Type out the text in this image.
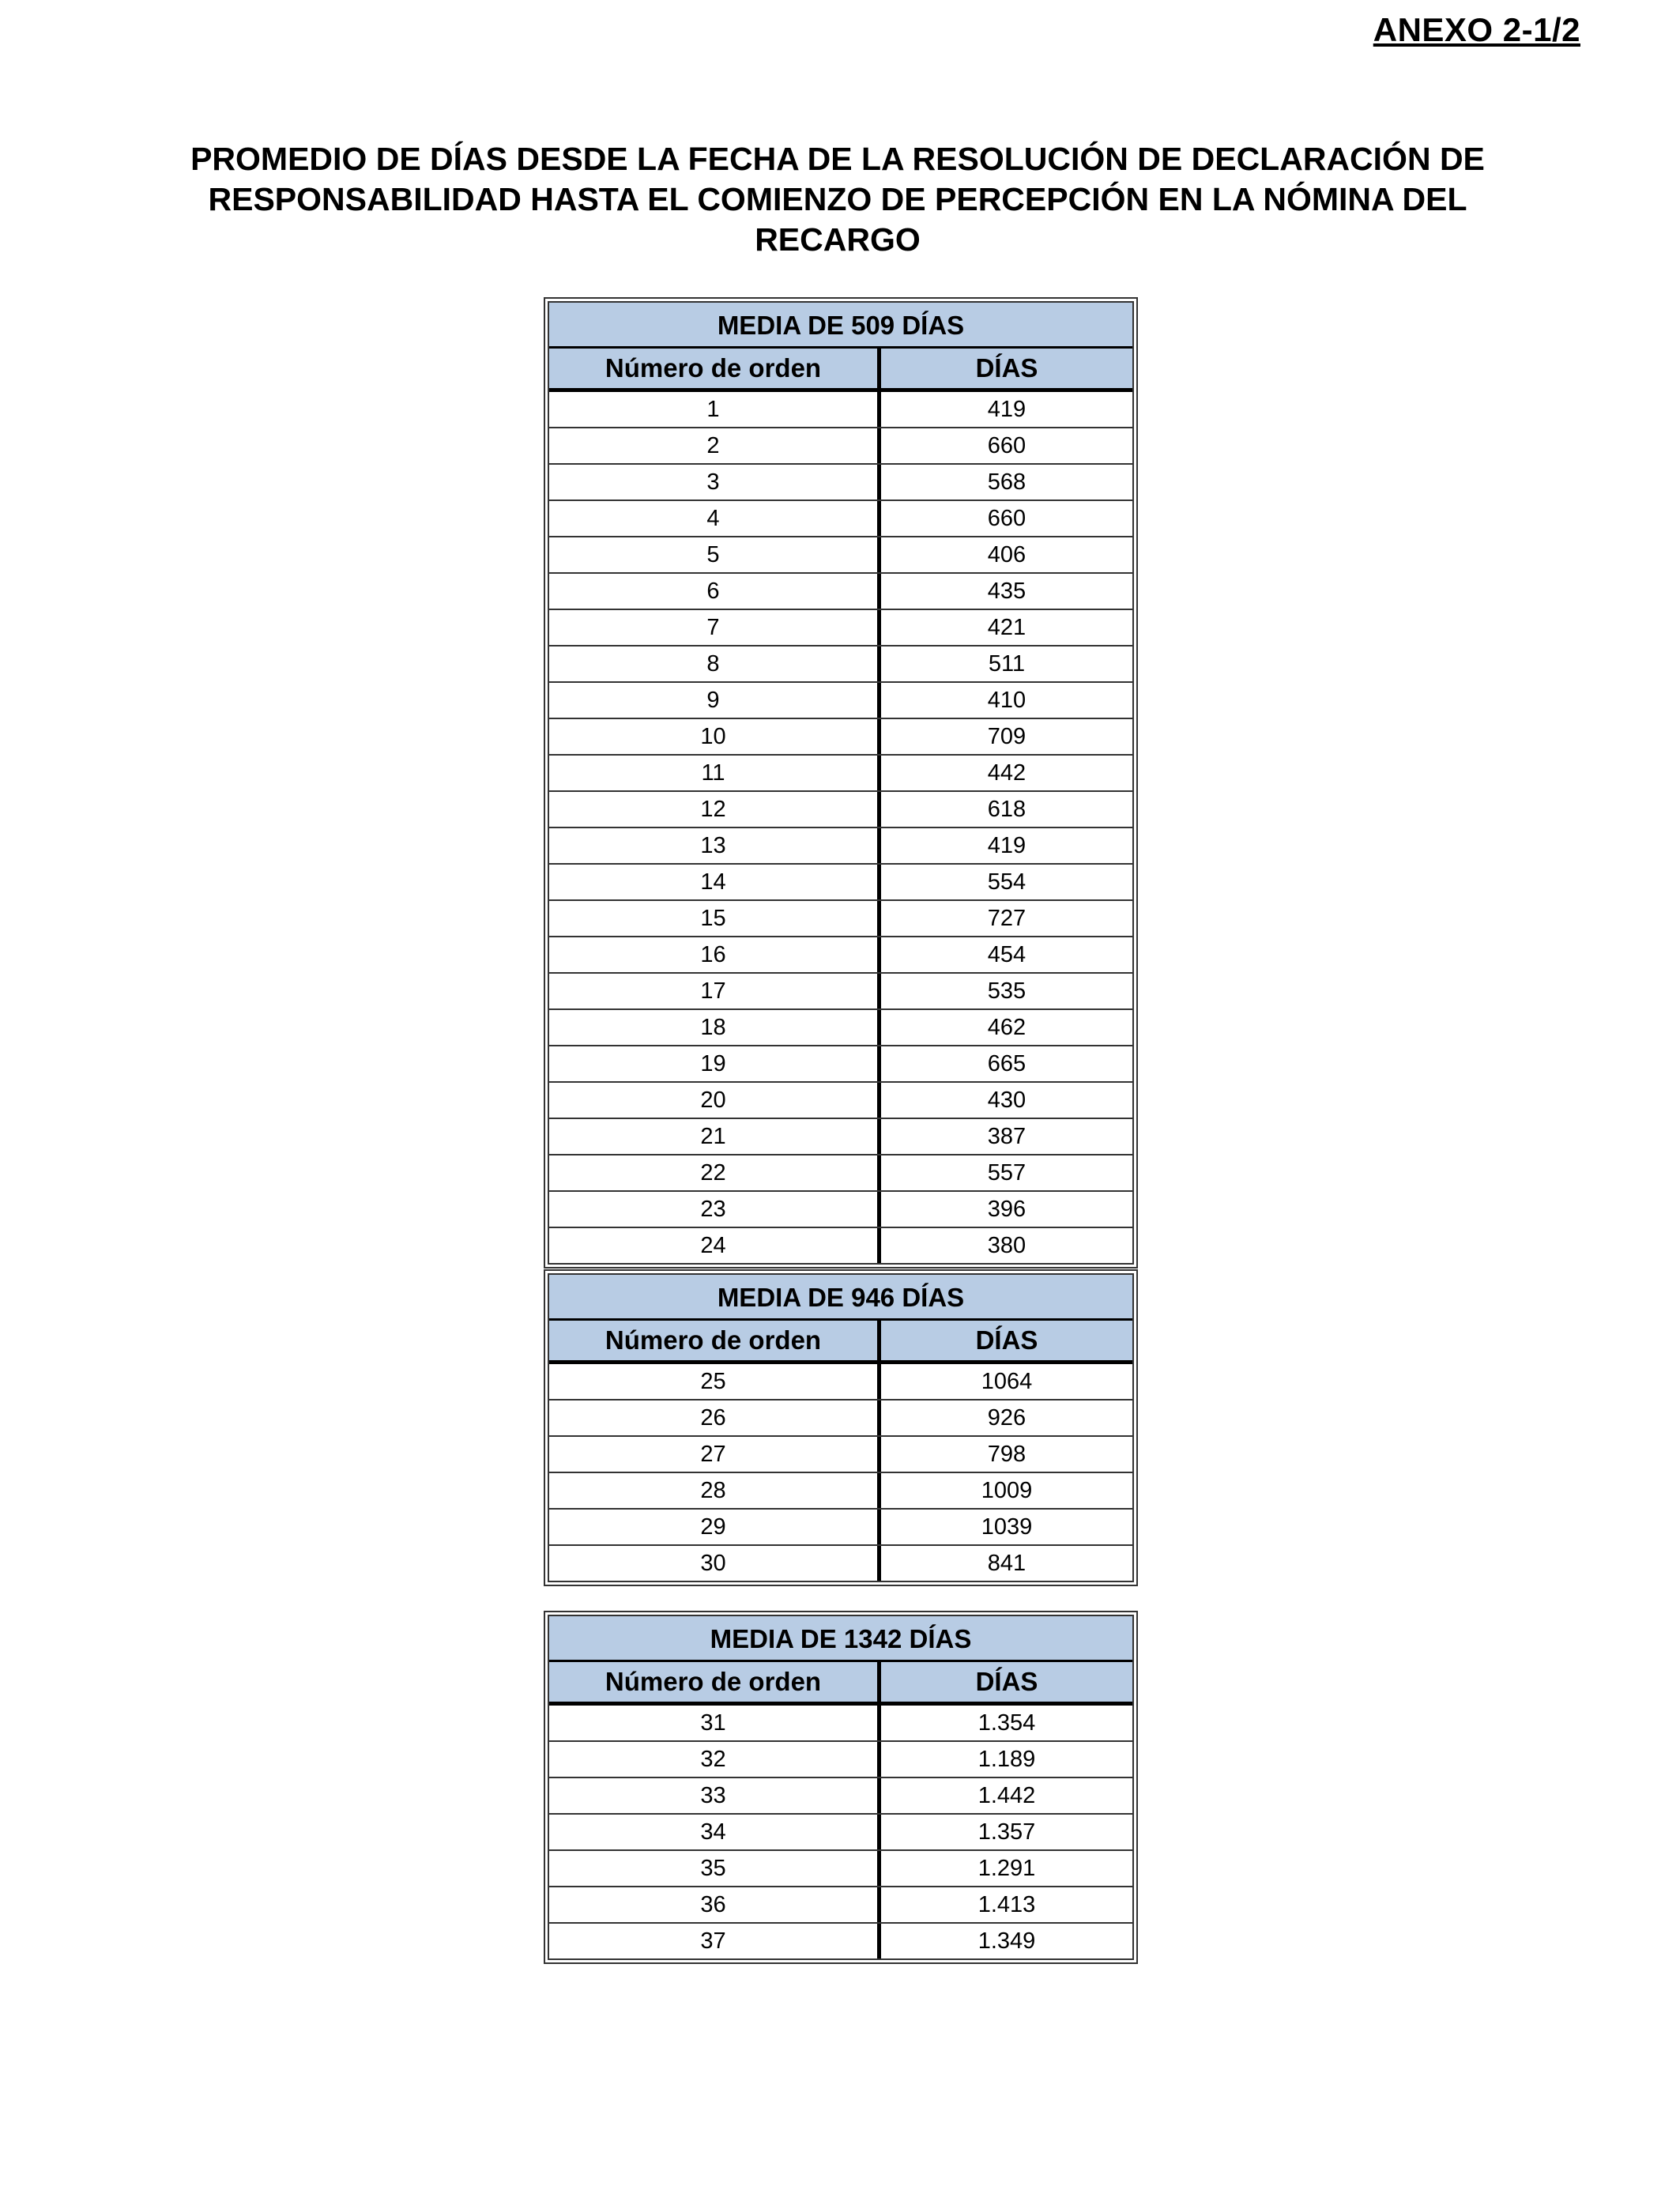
ANEXO 2-1/2
PROMEDIO DE DÍAS DESDE LA FECHA DE LA RESOLUCIÓN DE DECLARACIÓN DE RESPONSABILIDAD HASTA EL COMIENZO DE PERCEPCIÓN EN LA NÓMINA DEL RECARGO
MEDIA DE 509 DÍAS
Número de orden	DÍAS
1	419
2	660
3	568
4	660
5	406
6	435
7	421
8	511
9	410
10	709
11	442
12	618
13	419
14	554
15	727
16	454
17	535
18	462
19	665
20	430
21	387
22	557
23	396
24	380
MEDIA DE 946 DÍAS
Número de orden	DÍAS
25	1064
26	926
27	798
28	1009
29	1039
30	841
MEDIA DE 1342 DÍAS
Número de orden	DÍAS
31	1.354
32	1.189
33	1.442
34	1.357
35	1.291
36	1.413
37	1.349
